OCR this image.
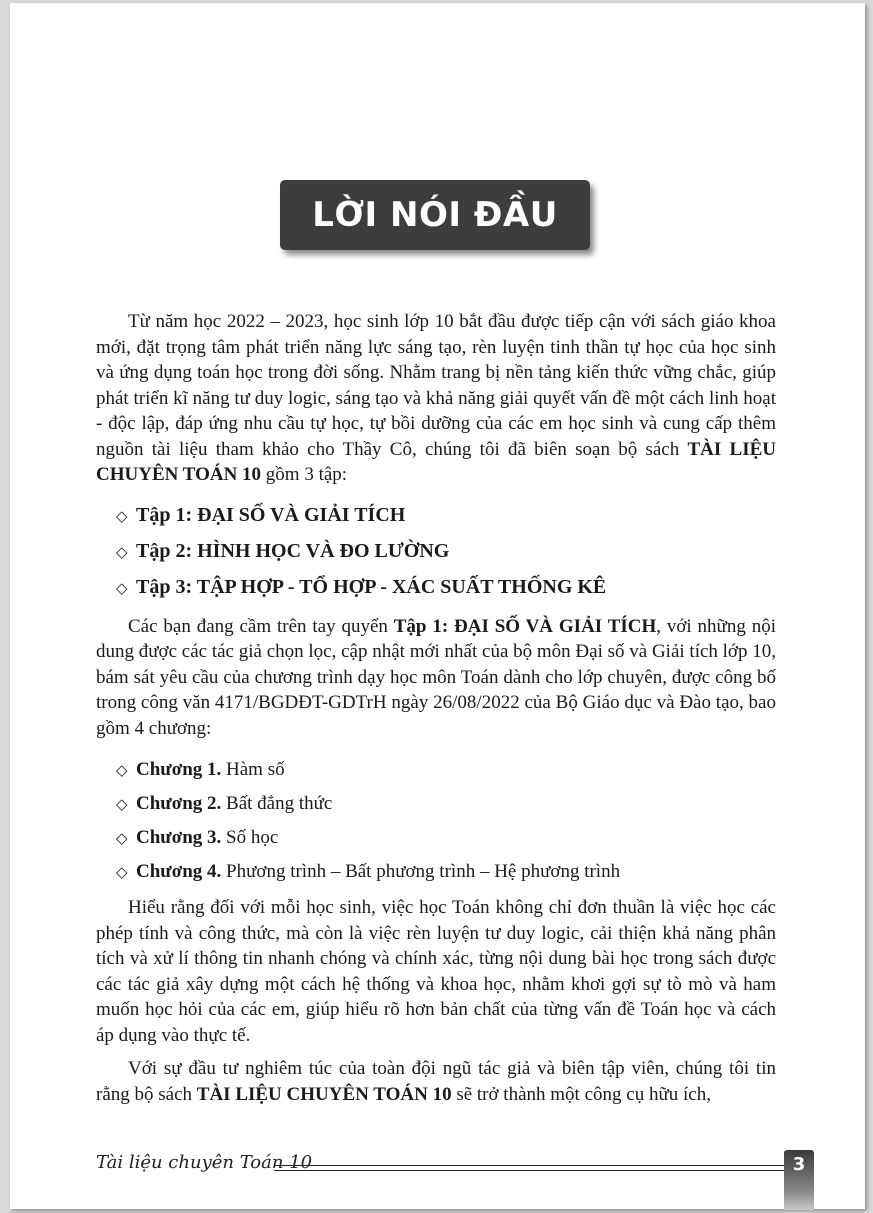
LỜI NÓI ĐẦU

Từ năm học 2022 – 2023, học sinh lớp 10 bắt đầu được tiếp cận với sách giáo khoa mới, đặt trọng tâm phát triển năng lực sáng tạo, rèn luyện tinh thần tự học của học sinh và ứng dụng toán học trong đời sống. Nhằm trang bị nền tảng kiến thức vững chắc, giúp phát triển kĩ năng tư duy logic, sáng tạo và khả năng giải quyết vấn đề một cách linh hoạt - độc lập, đáp ứng nhu cầu tự học, tự bồi dưỡng của các em học sinh và cung cấp thêm nguồn tài liệu tham khảo cho Thầy Cô, chúng tôi đã biên soạn bộ sách TÀI LIỆU CHUYÊN TOÁN 10 gồm 3 tập:

◇ Tập 1: ĐẠI SỐ VÀ GIẢI TÍCH
◇ Tập 2: HÌNH HỌC VÀ ĐO LƯỜNG
◇ Tập 3: TẬP HỢP - TỔ HỢP - XÁC SUẤT THỐNG KÊ

Các bạn đang cầm trên tay quyển Tập 1: ĐẠI SỐ VÀ GIẢI TÍCH, với những nội dung được các tác giả chọn lọc, cập nhật mới nhất của bộ môn Đại số và Giải tích lớp 10, bám sát yêu cầu của chương trình dạy học môn Toán dành cho lớp chuyên, được công bố trong công văn 4171/BGDĐT-GDTrH ngày 26/08/2022 của Bộ Giáo dục và Đào tạo, bao gồm 4 chương:

◇ Chương 1. Hàm số
◇ Chương 2. Bất đẳng thức
◇ Chương 3. Số học
◇ Chương 4. Phương trình – Bất phương trình – Hệ phương trình

Hiểu rằng đối với mỗi học sinh, việc học Toán không chỉ đơn thuần là việc học các phép tính và công thức, mà còn là việc rèn luyện tư duy logic, cải thiện khả năng phân tích và xử lí thông tin nhanh chóng và chính xác, từng nội dung bài học trong sách được các tác giả xây dựng một cách hệ thống và khoa học, nhằm khơi gợi sự tò mò và ham muốn học hỏi của các em, giúp hiểu rõ hơn bản chất của từng vấn đề Toán học và cách áp dụng vào thực tế.

Với sự đầu tư nghiêm túc của toàn đội ngũ tác giả và biên tập viên, chúng tôi tin rằng bộ sách TÀI LIỆU CHUYÊN TOÁN 10 sẽ trở thành một công cụ hữu ích,

Tài liệu chuyên Toán 10	3
